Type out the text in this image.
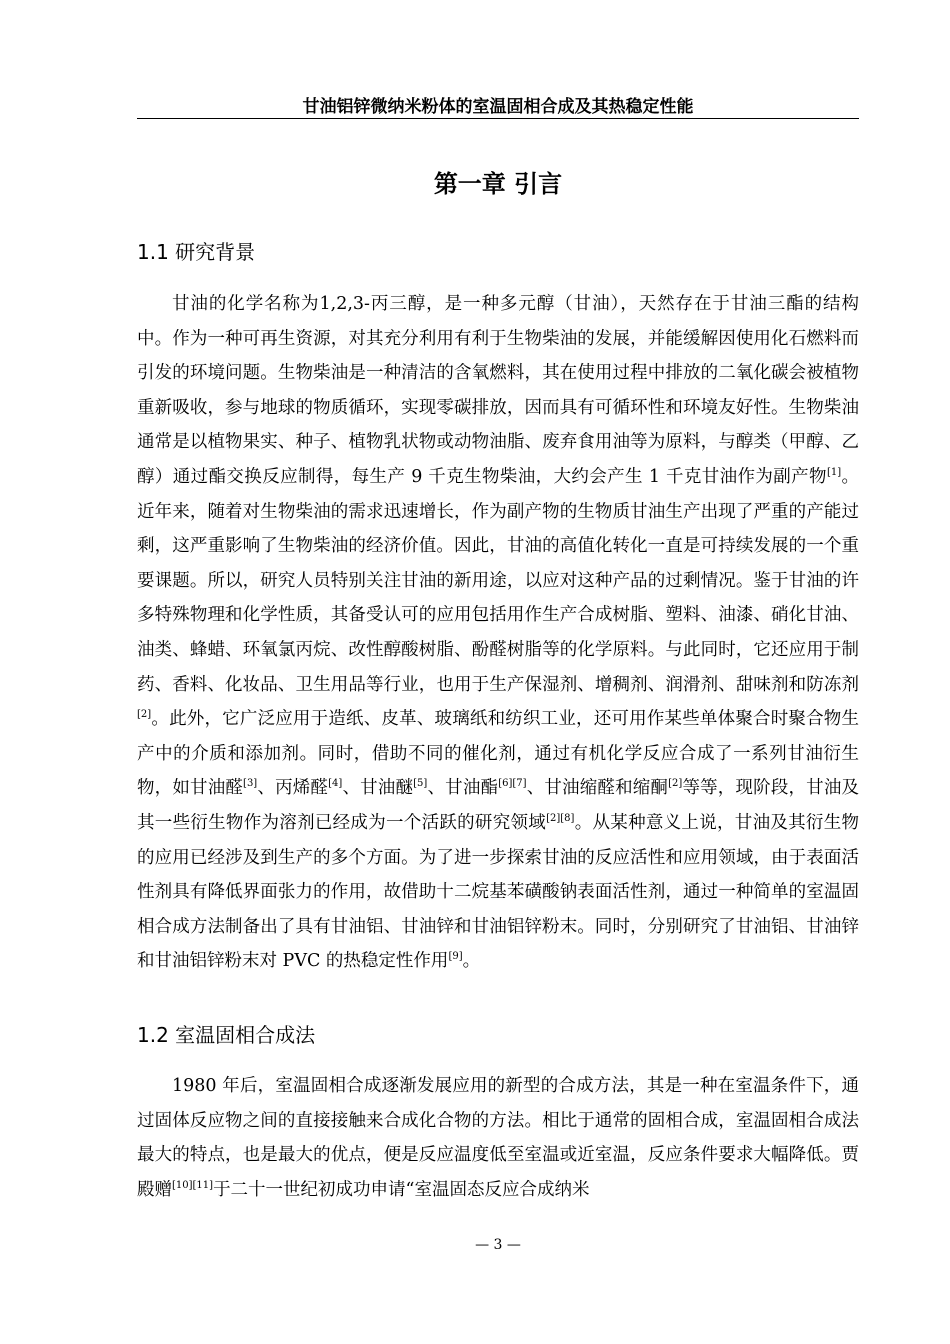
甘油铝锌微纳米粉体的室温固相合成及其热稳定性能
第一章 引言
1.1 研究背景

甘油的化学名称为1,2,3-丙三醇，是一种多元醇（甘油），天然存在于甘油三酯的结构中。作为一种可再生资源，对其充分利用有利于生物柴油的发展，并能缓解因使用化石燃料而引发的环境问题。生物柴油是一种清洁的含氧燃料，其在使用过程中排放的二氧化碳会被植物重新吸收，参与地球的物质循环，实现零碳排放，因而具有可循环性和环境友好性。生物柴油通常是以植物果实、种子、植物乳状物或动物油脂、废弃食用油等为原料，与醇类（甲醇、乙醇）通过酯交换反应制得，每生产 9 千克生物柴油，大约会产生 1 千克甘油作为副产物[1]。近年来，随着对生物柴油的需求迅速增长，作为副产物的生物质甘油生产出现了严重的产能过剩，这严重影响了生物柴油的经济价值。因此，甘油的高值化转化一直是可持续发展的一个重要课题。所以，研究人员特别关注甘油的新用途，以应对这种产品的过剩情况。鉴于甘油的许多特殊物理和化学性质，其备受认可的应用包括用作生产合成树脂、塑料、油漆、硝化甘油、油类、蜂蜡、环氧氯丙烷、改性醇酸树脂、酚醛树脂等的化学原料。与此同时，它还应用于制药、香料、化妆品、卫生用品等行业，也用于生产保湿剂、增稠剂、润滑剂、甜味剂和防冻剂[2]。此外，它广泛应用于造纸、皮革、玻璃纸和纺织工业，还可用作某些单体聚合时聚合物生产中的介质和添加剂。同时，借助不同的催化剂，通过有机化学反应合成了一系列甘油衍生物，如甘油醛[3]、丙烯醛[4]、甘油醚[5]、甘油酯[6][7]、甘油缩醛和缩酮[2]等等，现阶段，甘油及其一些衍生物作为溶剂已经成为一个活跃的研究领域[2][8]。从某种意义上说，甘油及其衍生物的应用已经涉及到生产的多个方面。为了进一步探索甘油的反应活性和应用领域，由于表面活性剂具有降低界面张力的作用，故借助十二烷基苯磺酸钠表面活性剂，通过一种简单的室温固相合成方法制备出了具有甘油铝、甘油锌和甘油铝锌粉末。同时，分别研究了甘油铝、甘油锌和甘油铝锌粉末对 PVC 的热稳定性作用[9]。

1.2 室温固相合成法

1980 年后，室温固相合成逐渐发展应用的新型的合成方法，其是一种在室温条件下，通过固体反应物之间的直接接触来合成化合物的方法。相比于通常的固相合成，室温固相合成法最大的特点，也是最大的优点，便是反应温度低至室温或近室温，反应条件要求大幅降低。贾殿赠[10][11]于二十一世纪初成功申请“室温固态反应合成纳米

— 3 —
